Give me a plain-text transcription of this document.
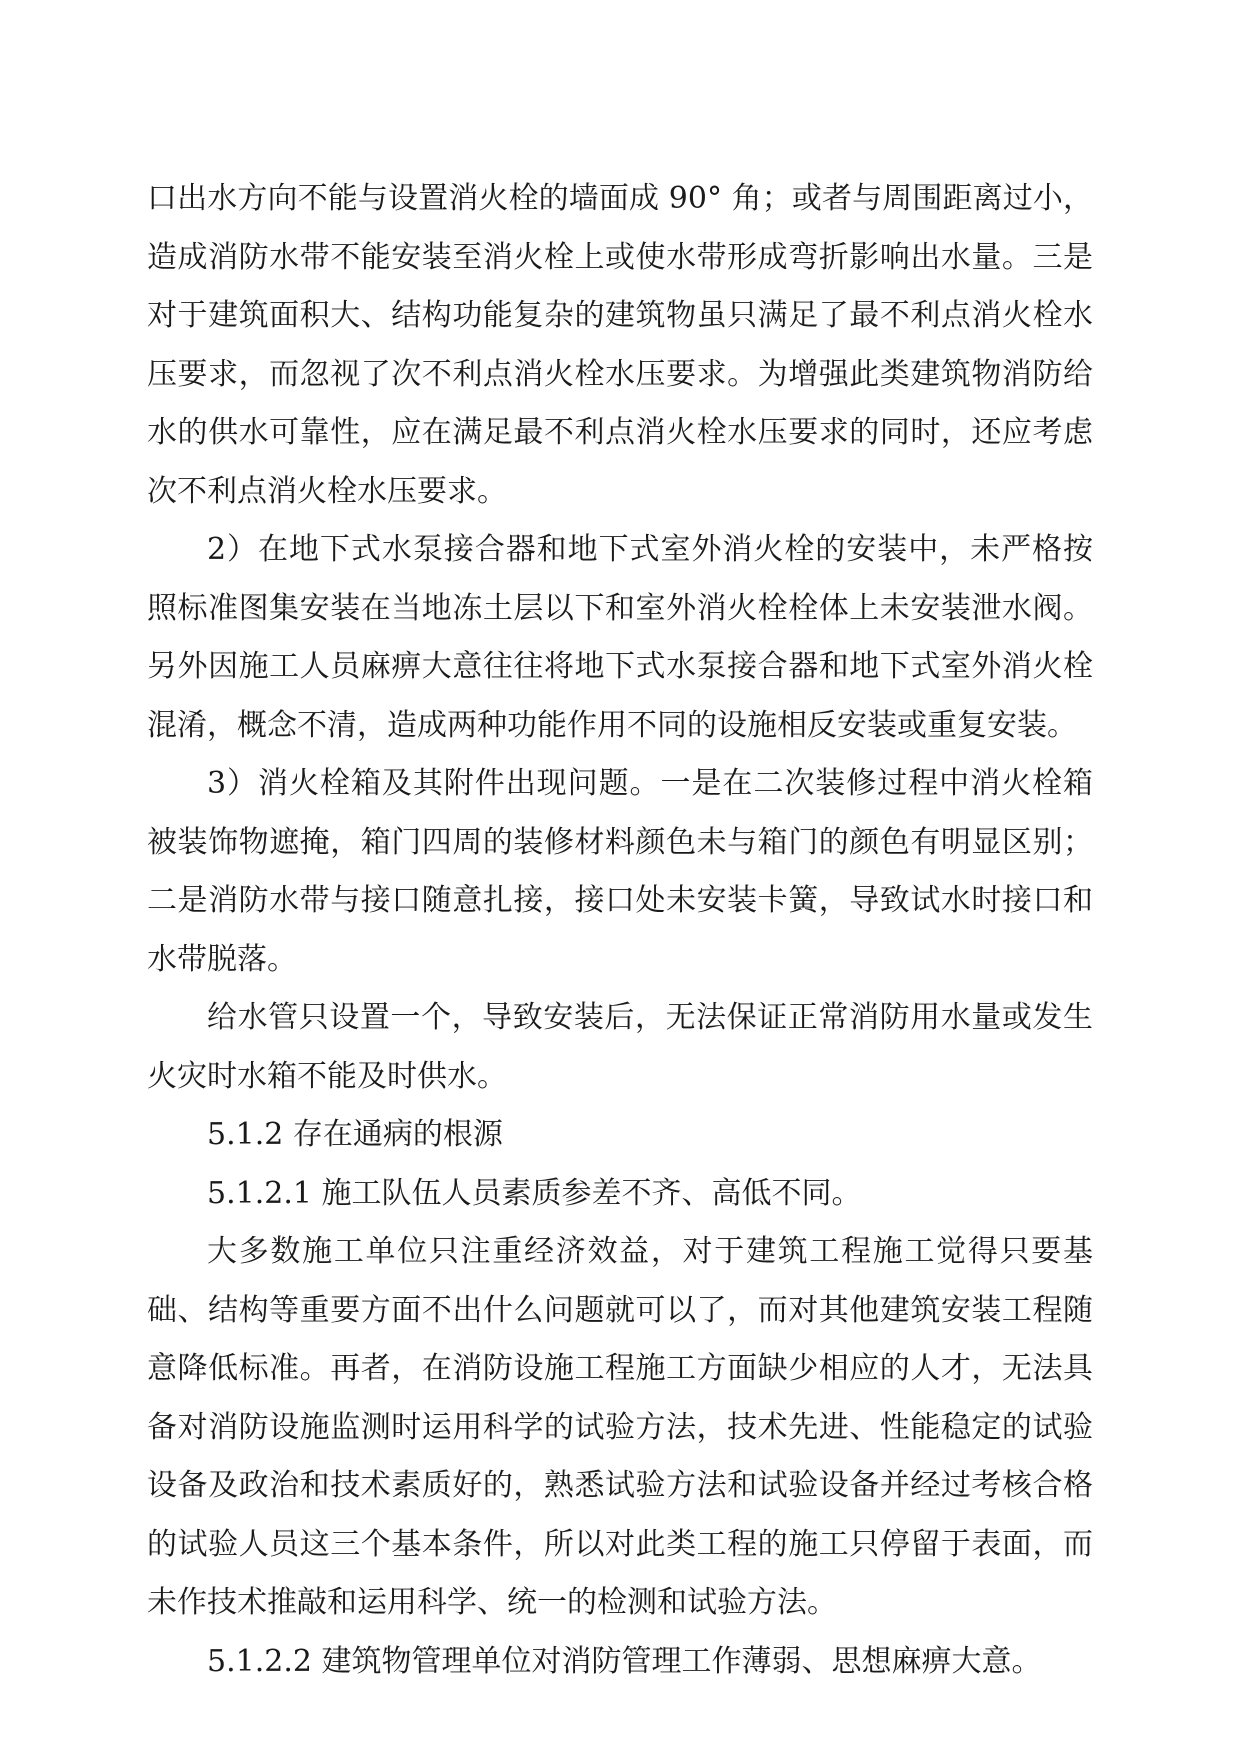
口出水方向不能与设置消火栓的墙面成 90° 角；或者与周围距离过小，造成消防水带不能安装至消火栓上或使水带形成弯折影响出水量。三是对于建筑面积大、结构功能复杂的建筑物虽只满足了最不利点消火栓水压要求，而忽视了次不利点消火栓水压要求。为增强此类建筑物消防给水的供水可靠性，应在满足最不利点消火栓水压要求的同时，还应考虑次不利点消火栓水压要求。

2）在地下式水泵接合器和地下式室外消火栓的安装中，未严格按照标准图集安装在当地冻土层以下和室外消火栓栓体上未安装泄水阀。另外因施工人员麻痹大意往往将地下式水泵接合器和地下式室外消火栓混淆，概念不清，造成两种功能作用不同的设施相反安装或重复安装。

3）消火栓箱及其附件出现问题。一是在二次装修过程中消火栓箱被装饰物遮掩，箱门四周的装修材料颜色未与箱门的颜色有明显区别；二是消防水带与接口随意扎接，接口处未安装卡簧，导致试水时接口和水带脱落。

给水管只设置一个，导致安装后，无法保证正常消防用水量或发生火灾时水箱不能及时供水。

5.1.2 存在通病的根源

5.1.2.1 施工队伍人员素质参差不齐、高低不同。

大多数施工单位只注重经济效益，对于建筑工程施工觉得只要基础、结构等重要方面不出什么问题就可以了，而对其他建筑安装工程随意降低标准。再者，在消防设施工程施工方面缺少相应的人才，无法具备对消防设施监测时运用科学的试验方法，技术先进、性能稳定的试验设备及政治和技术素质好的，熟悉试验方法和试验设备并经过考核合格的试验人员这三个基本条件，所以对此类工程的施工只停留于表面，而未作技术推敲和运用科学、统一的检测和试验方法。

5.1.2.2 建筑物管理单位对消防管理工作薄弱、思想麻痹大意。
